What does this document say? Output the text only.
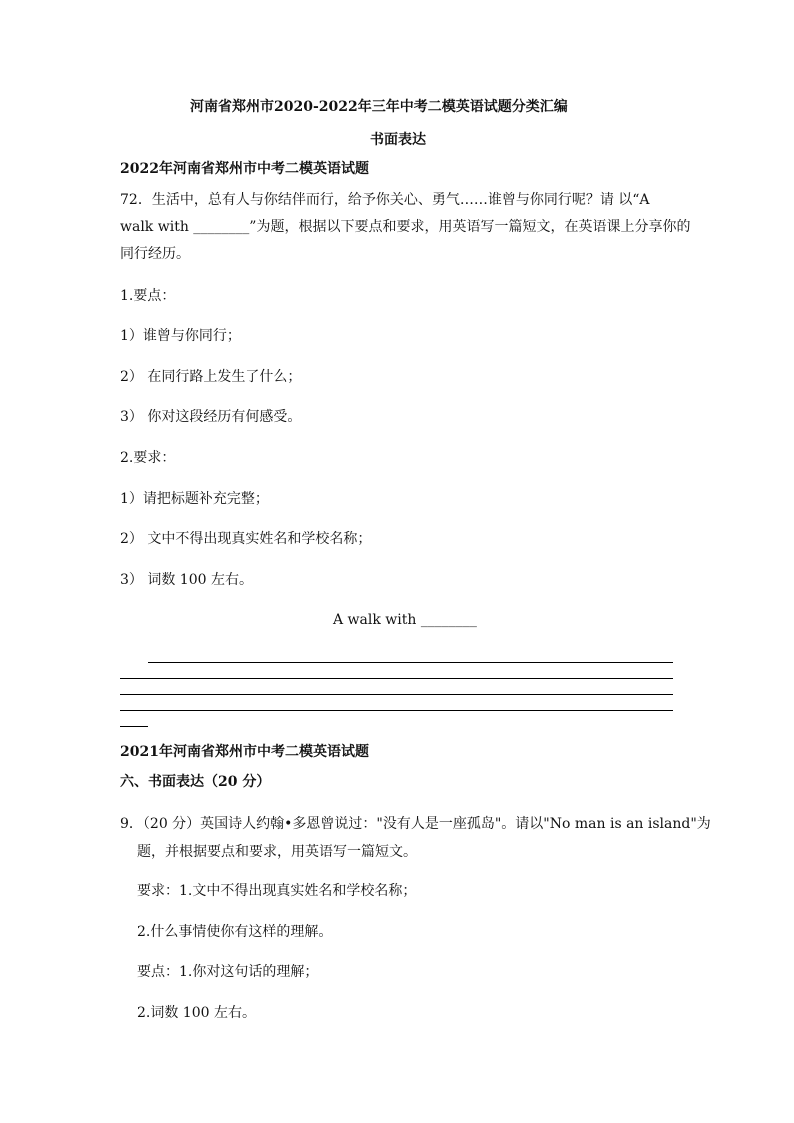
河南省郑州市2020-2022年三年中考二模英语试题分类汇编
书面表达
2022年河南省郑州市中考二模英语试题
72．生活中，总有人与你结伴而行，给予你关心、勇气……谁曾与你同行呢？请 以“A
walk with ________”为题，根据以下要点和要求，用英语写一篇短文，在英语课上分享你的
同行经历。
1.要点：
1）谁曾与你同行；
2） 在同行路上发生了什么；
3） 你对这段经历有何感受。
2.要求：
1）请把标题补充完整；
2） 文中不得出现真实姓名和学校名称；
3） 词数 100 左右。
A walk with ________
2021年河南省郑州市中考二模英语试题
六、书面表达（20 分）
9．（20 分）英国诗人约翰•多恩曾说过："没有人是一座孤岛"。请以"No man is an island"为
题，并根据要点和要求，用英语写一篇短文。
要求：1.文中不得出现真实姓名和学校名称；
2.什么事情使你有这样的理解。
要点：1.你对这句话的理解；
2.词数 100 左右。
